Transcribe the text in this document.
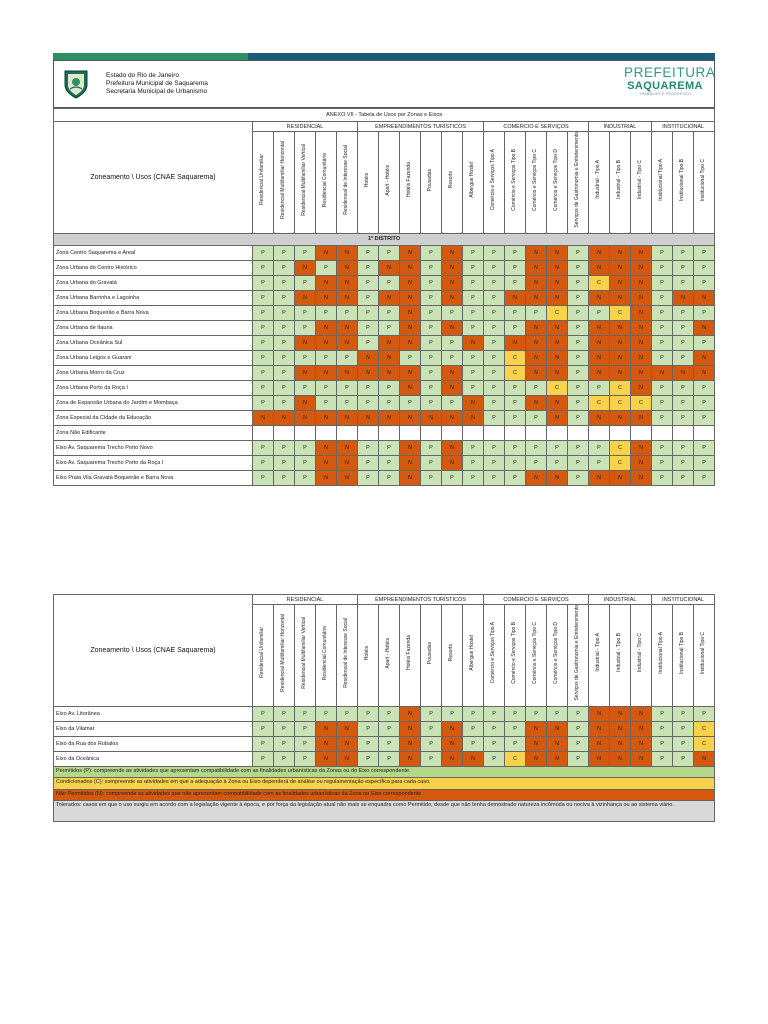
Estado do Rio de Janeiro
Prefeitura Municipal de Saquarema
Secretaria Municipal de Urbanismo
PREFEITURA
SAQUAREMA
TRABALHO E PROGRESSO
ANEXO VII - Tabela de Usos por Zonas e Eixos																						
Zoneamento \ Usos (CNAE Saquarema)	RESIDENCIAL					EMPREENDIMENTOS TURÍSTICOS						COMERCIO E SERVIÇOS					INDUSTRIAL			INSTITUCIONAL		
	Residencial Unifamiliar	Residencial Multifamiliar Horizontal	Residencial Multifamiliar Vertical	Residencial Comunitário	Residencial de Interesse Social	Hotéis	Apart - Hotéis	Hotéis Fazenda	Pousadas	Resorts	Albergue Hostel	Comércio e Serviços Tipo A	Comércio e Serviços Tipo B	Comércio e Serviços Tipo C	Comércio e Serviços Tipo D	Serviços de Gastronomia e Entretenimento	Industrial - Tipo A	Industrial - Tipo B	Industrial - Tipo C	Institucional Tipo A	Institucional Tipo B	Institucional Tipo C
1º DISTRITO																						
Zona Centro Saquarema e Areal	P	P	P	N	N	P	P	N	P	N	P	P	P	N	N	P	N	N	N	P	P	P
Zona Urbana do Centro Histórico	P	P	N	P	N	P	N	N	P	N	P	P	P	N	N	P	N	N	N	P	P	P
Zona Urbana do Gravatá	P	P	P	N	N	P	P	N	P	N	P	P	P	N	N	P	C	N	N	P	P	P
Zona Urbana Barrinha e Lagoinha	P	P	N	N	N	P	N	N	P	N	P	P	N	N	N	P	N	N	N	P	N	N
Zona Urbana Boqueirão e Barra Nova	P	P	P	P	P	P	P	N	P	P	P	P	P	P	C	P	P	C	N	P	P	P
Zona Urbana de Itauna	P	P	P	N	N	P	P	N	P	N	P	P	P	N	N	P	N	N	N	P	P	N
Zona Urbana Oceânica Sul	P	P	N	N	N	P	N	N	P	P	N	P	N	N	N	P	N	N	N	P	P	P
Zona Urbana Leigos e Guarani	P	P	P	P	P	N	N	P	P	P	P	P	C	N	N	P	N	N	N	P	P	N
Zona Urbana Morro da Cruz	P	P	N	N	N	N	N	N	P	N	P	P	C	N	N	P	N	N	N	N	N	N
Zona Urbana Porto da Roça I	P	P	P	P	P	P	P	N	P	N	P	P	P	P	C	P	P	C	N	P	P	P
Zona de Expansão Urbana do Jardim e Mombaça	P	P	N	P	P	P	P	P	P	P	N	P	P	N	N	P	C	C	C	P	P	P
Zona Especial da Cidade da Educação	N	N	N	N	N	N	N	N	N	N	N	P	P	P	N	P	N	N	N	P	P	P
Zona Não Edificante																						
Eixo Av. Saquarema Trecho Porto Novo	P	P	P	N	N	P	P	N	P	N	P	P	P	P	P	P	P	C	N	P	P	P
Eixo Av. Saquarema Trecho Porto da Roça I	P	P	P	N	N	P	P	N	P	N	P	P	P	P	P	P	P	C	N	P	P	P
Eixo Praia Vila Gravatá Boqueirão e Barra Nova	P	P	P	N	N	P	P	N	P	P	P	P	P	N	N	P	N	N	N	P	P	P
Zoneamento \ Usos (CNAE Saquarema)	RESIDENCIAL					EMPREENDIMENTOS TURÍSTICOS						COMERCIO E SERVIÇOS					INDUSTRIAL			INSTITUCIONAL		
	Residencial Unifamiliar	Residencial Multifamiliar Horizontal	Residencial Multifamiliar Vertical	Residencial Comunitário	Residencial de Interesse Social	Hotéis	Apart - Hotéis	Hotéis Fazenda	Pousadas	Resorts	Albergue Hostel	Comércio e Serviços Tipo A	Comércio e Serviços Tipo B	Comércio e Serviços Tipo C	Comércio e Serviços Tipo D	Serviços de Gastronomia e Entretenimento	Industrial - Tipo A	Industrial - Tipo B	Industrial - Tipo C	Institucional Tipo A	Institucional Tipo B	Institucional Tipo C
Eixo Av. Litorânea	P	P	P	P	P	P	P	N	P	P	P	P	P	P	P	P	N	N	N	P	P	P
Eixo da Vilamar	P	P	P	N	N	P	P	N	P	N	P	P	P	N	N	P	N	N	N	P	P	C
Eixo da Rua dos Robalos	P	P	P	N	N	P	P	N	P	N	P	P	P	N	N	P	N	N	N	P	P	C
Eixo da Oceânica	P	P	P	N	N	P	P	N	P	N	N	P	C	N	N	P	N	N	N	P	P	N
Permitidos (P): compreende as atividades que apresentam compatibilidade com as finalidades urbanísticas da Zonas ou do Eixo correspondente.
Condicionados (C): compreende as atividades em que a adequação à Zona ou Eixo dependerá de análise ou regulamentação específica para cada caso.
Não Permitidos (N): compreende as atividades que não apresentam compatibilidade com as finalidades urbanísticas da Zona ou Eixo correspondente.
Tolerados: casos em que o uso surgiu em acordo com a legislação vigente à época, e por força da legislação atual não mais se enquadra como Permitido, desde que não tenha demostrado natureza incômoda ou nociva à vizinhança ou ao sistema viário.
